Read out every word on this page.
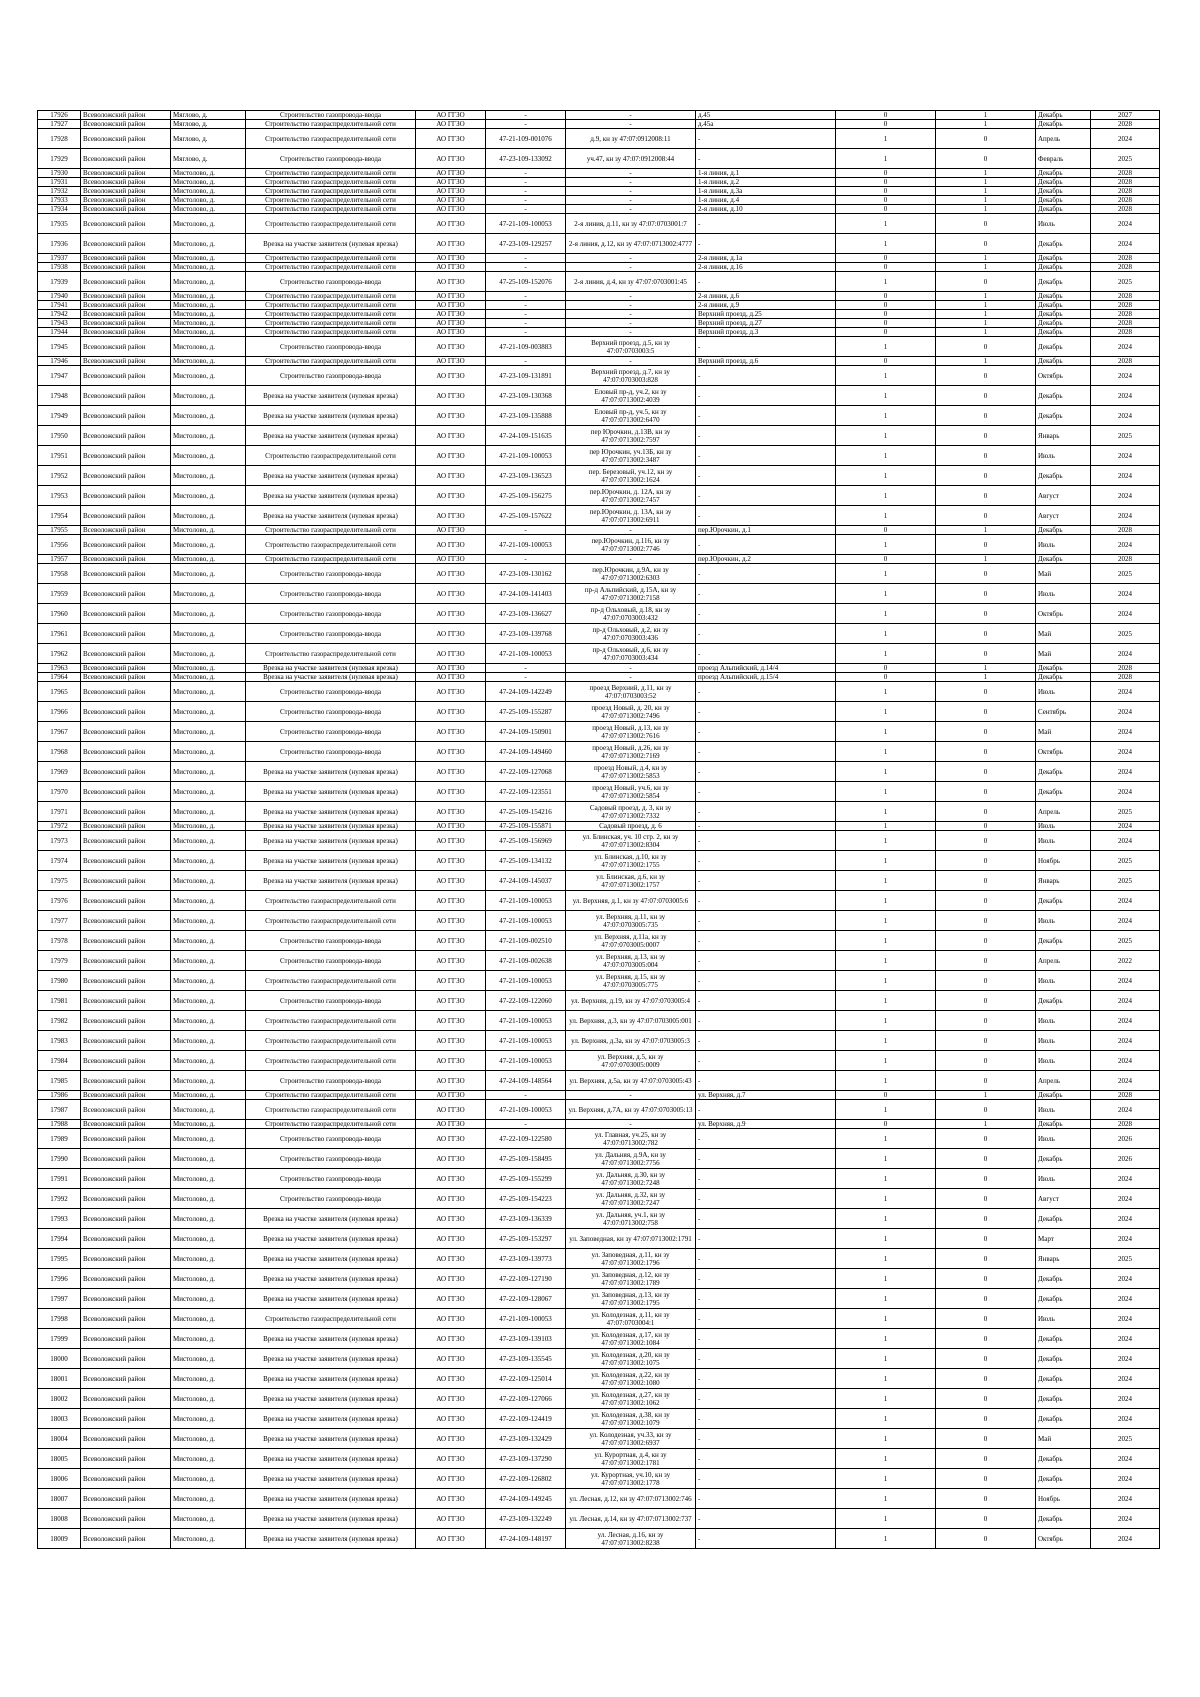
17926	Всеволожский район	Мяглово, д.	Строительство газопровода-ввода	АО ГГЗО	-	-	д.45	0	1	Декабрь	2027
17927	Всеволожский район	Мяглово, д.	Строительство газораспределительной сети	АО ГГЗО	-	-	д.45а	0	1	Декабрь	2028
17928	Всеволожский район	Мяглово, д.	Строительство газораспределительной сети	АО ГГЗО	47-21-109-001076	д.9, кн зу 47:07:0912008:11	-	1	0	Апрель	2024
17929	Всеволожский район	Мяглово, д.	Строительство газопровода-ввода	АО ГГЗО	47-23-109-133092	уч.47, кн зу 47:07:0912008:44	-	1	0	Февраль	2025
17930	Всеволожский район	Мистолово, д.	Строительство газораспределительной сети	АО ГГЗО	-	-	1-я линия, д.1	0	1	Декабрь	2028
17931	Всеволожский район	Мистолово, д.	Строительство газораспределительной сети	АО ГГЗО	-	-	1-я линия, д.2	0	1	Декабрь	2028
17932	Всеволожский район	Мистолово, д.	Строительство газораспределительной сети	АО ГГЗО	-	-	1-я линия, д.3а	0	1	Декабрь	2028
17933	Всеволожский район	Мистолово, д.	Строительство газораспределительной сети	АО ГГЗО	-	-	1-я линия, д.4	0	1	Декабрь	2028
17934	Всеволожский район	Мистолово, д.	Строительство газораспределительной сети	АО ГГЗО	-	-	2-я линия, д.10	0	1	Декабрь	2028
17935	Всеволожский район	Мистолово, д.	Строительство газораспределительной сети	АО ГГЗО	47-21-109-100053	2-я линия, д.11, кн зу 47:07:0703001:7	-	1	0	Июль	2024
17936	Всеволожский район	Мистолово, д.	Врезка на участке заявителя (нулевая врезка)	АО ГГЗО	47-23-109-129257	2-я линия, д.12, кн зу 47:07:0713002:4777	-	1	0	Декабрь	2024
17937	Всеволожский район	Мистолово, д.	Строительство газораспределительной сети	АО ГГЗО	-	-	2-я линия, д.1а	0	1	Декабрь	2028
17938	Всеволожский район	Мистолово, д.	Строительство газораспределительной сети	АО ГГЗО	-	-	2-я линия, д.16	0	1	Декабрь	2028
17939	Всеволожский район	Мистолово, д.	Строительство газопровода-ввода	АО ГГЗО	47-25-109-152076	2-я линия, д.4, кн зу 47:07:0703001:45	-	1	0	Декабрь	2025
17940	Всеволожский район	Мистолово, д.	Строительство газораспределительной сети	АО ГГЗО	-	-	2-я линия, д.6	0	1	Декабрь	2028
17941	Всеволожский район	Мистолово, д.	Строительство газораспределительной сети	АО ГГЗО	-	-	2-я линия, д.9	0	1	Декабрь	2028
17942	Всеволожский район	Мистолово, д.	Строительство газораспределительной сети	АО ГГЗО	-	-	Верхний проезд, д.25	0	1	Декабрь	2028
17943	Всеволожский район	Мистолово, д.	Строительство газораспределительной сети	АО ГГЗО	-	-	Верхний проезд, д.27	0	1	Декабрь	2028
17944	Всеволожский район	Мистолово, д.	Строительство газораспределительной сети	АО ГГЗО	-	-	Верхний проезд, д.3	0	1	Декабрь	2028
17945	Всеволожский район	Мистолово, д.	Строительство газопровода-ввода	АО ГГЗО	47-21-109-003883	Верхний проезд, д.5, кн зу 47:07:0703003:5	-	1	0	Декабрь	2024
17946	Всеволожский район	Мистолово, д.	Строительство газораспределительной сети	АО ГГЗО	-	-	Верхний проезд, д.6	0	1	Декабрь	2028
17947	Всеволожский район	Мистолово, д.	Строительство газопровода-ввода	АО ГГЗО	47-23-109-131891	Верхний проезд, д.7, кн зу 47:07:0703003:828	-	1	0	Октябрь	2024
17948	Всеволожский район	Мистолово, д.	Врезка на участке заявителя (нулевая врезка)	АО ГГЗО	47-23-109-130368	Еловый пр-д, уч.2, кн зу 47:07:0713002:4039	-	1	0	Декабрь	2024
17949	Всеволожский район	Мистолово, д.	Врезка на участке заявителя (нулевая врезка)	АО ГГЗО	47-23-109-135888	Еловый пр-д, уч.5, кн зу 47:07:0713002:6470	-	1	0	Декабрь	2024
17950	Всеволожский район	Мистолово, д.	Врезка на участке заявителя (нулевая врезка)	АО ГГЗО	47-24-109-151635	пер Юрочкин, д.13В, кн зу 47:07:0713002:7597	-	1	0	Январь	2025
17951	Всеволожский район	Мистолово, д.	Строительство газораспределительной сети	АО ГГЗО	47-21-109-100053	пер Юрочкин, уч.13Б, кн зу 47:07:0713002:3487	-	1	0	Июль	2024
17952	Всеволожский район	Мистолово, д.	Врезка на участке заявителя (нулевая врезка)	АО ГГЗО	47-23-109-136523	пер. Березовый, уч.12, кн зу 47:07:0713002:1624	-	1	0	Декабрь	2024
17953	Всеволожский район	Мистолово, д.	Врезка на участке заявителя (нулевая врезка)	АО ГГЗО	47-25-109-156275	пер.Юрочкин, д. 12А, кн зу 47:07:0713002:7457	-	1	0	Август	2024
17954	Всеволожский район	Мистолово, д.	Врезка на участке заявителя (нулевая врезка)	АО ГГЗО	47-25-109-157622	пер.Юрочкин, д. 13А, кн зу 47:07:0713002:6911	-	1	0	Август	2024
17955	Всеволожский район	Мистолово, д.	Строительство газораспределительной сети	АО ГГЗО	-	-	пер.Юрочкин, д.1	0	1	Декабрь	2028
17956	Всеволожский район	Мистолово, д.	Строительство газораспределительной сети	АО ГГЗО	47-21-109-100053	пер.Юрочкин, д.116, кн зу 47:07:0713002:7746	-	1	0	Июль	2024
17957	Всеволожский район	Мистолово, д.	Строительство газораспределительной сети	АО ГГЗО	-	-	пер.Юрочкин, д.2	0	1	Декабрь	2028
17958	Всеволожский район	Мистолово, д.	Строительство газопровода-ввода	АО ГГЗО	47-23-109-130162	пер.Юрочкин, д.9А, кн зу 47:07:0713002:6303	-	1	0	Май	2025
17959	Всеволожский район	Мистолово, д.	Строительство газопровода-ввода	АО ГГЗО	47-24-109-141403	пр-д Альпийский, д.15А, кн зу 47:07:0713002:7158	-	1	0	Июль	2024
17960	Всеволожский район	Мистолово, д.	Строительство газопровода-ввода	АО ГГЗО	47-23-109-136627	пр-д Ольховый, д.18, кн зу 47:07:0703003:432	-	1	0	Октябрь	2024
17961	Всеволожский район	Мистолово, д.	Строительство газопровода-ввода	АО ГГЗО	47-23-109-139768	пр-д Ольховый, д.2, кн зу 47:07:0703003:436	-	1	0	Май	2025
17962	Всеволожский район	Мистолово, д.	Строительство газораспределительной сети	АО ГГЗО	47-21-109-100053	пр-д Ольховый, д.6, кн зу 47:07:0703003:434	-	1	0	Май	2024
17963	Всеволожский район	Мистолово, д.	Врезка на участке заявителя (нулевая врезка)	АО ГГЗО	-	-	проезд Альпийский, д.14/4	0	1	Декабрь	2028
17964	Всеволожский район	Мистолово, д.	Врезка на участке заявителя (нулевая врезка)	АО ГГЗО	-	-	проезд Альпийский, д.15/4	0	1	Декабрь	2028
17965	Всеволожский район	Мистолово, д.	Строительство газопровода-ввода	АО ГГЗО	47-24-109-142249	проезд Верхний, д.11, кн зу 47:07:0703003:52	-	1	0	Июль	2024
17966	Всеволожский район	Мистолово, д.	Строительство газопровода-ввода	АО ГГЗО	47-25-109-155287	проезд Новый, д. 20, кн зу 47:07:0713002:7496	-	1	0	Сентябрь	2024
17967	Всеволожский район	Мистолово, д.	Строительство газопровода-ввода	АО ГГЗО	47-24-109-150901	проезд Новый, д.13, кн зу 47:07:0713002:7616	-	1	0	Май	2024
17968	Всеволожский район	Мистолово, д.	Строительство газопровода-ввода	АО ГГЗО	47-24-109-149460	проезд Новый, д.26, кн зу 47:07:0713002:7169	-	1	0	Октябрь	2024
17969	Всеволожский район	Мистолово, д.	Врезка на участке заявителя (нулевая врезка)	АО ГГЗО	47-22-109-127068	проезд Новый, д.4, кн зу 47:07:0713002:5853	-	1	0	Декабрь	2024
17970	Всеволожский район	Мистолово, д.	Врезка на участке заявителя (нулевая врезка)	АО ГГЗО	47-22-109-123551	проезд Новый, уч.6, кн зу 47:07:0713002:5854	-	1	0	Декабрь	2024
17971	Всеволожский район	Мистолово, д.	Врезка на участке заявителя (нулевая врезка)	АО ГГЗО	47-25-109-154216	Садовый проезд, д. 3, кн зу 47:07:0713002:7332	-	1	0	Апрель	2025
17972	Всеволожский район	Мистолово, д.	Врезка на участке заявителя (нулевая врезка)	АО ГГЗО	47-25-109-155871	Садовый проезд, д. 6	-	1	0	Июль	2024
17973	Всеволожский район	Мистолово, д.	Врезка на участке заявителя (нулевая врезка)	АО ГГЗО	47-25-109-156969	ул. Блинская, уч. 10 стр. 2, кн зу 47:07:0713002:8304	-	1	0	Июль	2024
17974	Всеволожский район	Мистолово, д.	Врезка на участке заявителя (нулевая врезка)	АО ГГЗО	47-25-109-134132	ул. Блинская, д.10, кн зу 47:07:0713002:1755	-	1	0	Ноябрь	2025
17975	Всеволожский район	Мистолово, д.	Врезка на участке заявителя (нулевая врезка)	АО ГГЗО	47-24-109-145037	ул. Блинская, д.6, кн зу 47:07:0713002:1757	-	1	0	Январь	2025
17976	Всеволожский район	Мистолово, д.	Строительство газораспределительной сети	АО ГГЗО	47-21-109-100053	ул. Верхняя, д.1, кн зу 47:07:0703005:6	-	1	0	Декабрь	2024
17977	Всеволожский район	Мистолово, д.	Строительство газораспределительной сети	АО ГГЗО	47-21-109-100053	ул. Верхняя, д.11, кн зу 47:07:0703005:735	-	1	0	Июль	2024
17978	Всеволожский район	Мистолово, д.	Строительство газопровода-ввода	АО ГГЗО	47-21-109-002510	ул. Верхняя, д.11а, кн зу 47:07:0703005:0007	-	1	0	Декабрь	2025
17979	Всеволожский район	Мистолово, д.	Строительство газопровода-ввода	АО ГГЗО	47-21-109-002638	ул. Верхняя, д.13, кн зу 47:07:0703005:004	-	1	0	Апрель	2022
17980	Всеволожский район	Мистолово, д.	Строительство газораспределительной сети	АО ГГЗО	47-21-109-100053	ул. Верхняя, д.15, кн зу 47:07:0703005:775	-	1	0	Июль	2024
17981	Всеволожский район	Мистолово, д.	Строительство газопровода-ввода	АО ГГЗО	47-22-109-122060	ул. Верхняя, д.19, кн зу 47:07:0703005:4	-	1	0	Декабрь	2024
17982	Всеволожский район	Мистолово, д.	Строительство газораспределительной сети	АО ГГЗО	47-21-109-100053	ул. Верхняя, д.3, кн зу 47:07:0703005:001	-	1	0	Июль	2024
17983	Всеволожский район	Мистолово, д.	Строительство газораспределительной сети	АО ГГЗО	47-21-109-100053	ул. Верхняя, д.3а, кн зу 47:07:0703005:3	-	1	0	Июль	2024
17984	Всеволожский район	Мистолово, д.	Строительство газораспределительной сети	АО ГГЗО	47-21-109-100053	ул. Верхняя, д.5, кн зу 47:07:0703005:0009	-	1	0	Июль	2024
17985	Всеволожский район	Мистолово, д.	Строительство газопровода-ввода	АО ГГЗО	47-24-109-148564	ул. Верхняя, д.5а, кн зу 47:07:0703005:43	-	1	0	Апрель	2024
17986	Всеволожский район	Мистолово, д.	Строительство газораспределительной сети	АО ГГЗО	-	-	ул. Верхняя, д.7	0	1	Декабрь	2028
17987	Всеволожский район	Мистолово, д.	Строительство газораспределительной сети	АО ГГЗО	47-21-109-100053	ул. Верхняя, д.7А, кн зу 47:07:0703005:13	-	1	0	Июль	2024
17988	Всеволожский район	Мистолово, д.	Строительство газораспределительной сети	АО ГГЗО	-	-	ул. Верхняя, д.9	0	1	Декабрь	2028
17989	Всеволожский район	Мистолово, д.	Строительство газопровода-ввода	АО ГГЗО	47-22-109-122580	ул. Главная, уч.25, кн зу 47:07:0713002:782	-	1	0	Июль	2026
17990	Всеволожский район	Мистолово, д.	Строительство газопровода-ввода	АО ГГЗО	47-25-109-158495	ул. Дальняя, д.9А, кн зу 47:07:0713002:7756	-	1	0	Декабрь	2026
17991	Всеволожский район	Мистолово, д.	Строительство газопровода-ввода	АО ГГЗО	47-25-109-155299	ул. Дальняя, д.30, кн зу 47:07:0713002:7248	-	1	0	Июль	2024
17992	Всеволожский район	Мистолово, д.	Строительство газопровода-ввода	АО ГГЗО	47-25-109-154223	ул. Дальняя, д.32, кн зу 47:07:0713002:7247	-	1	0	Август	2024
17993	Всеволожский район	Мистолово, д.	Врезка на участке заявителя (нулевая врезка)	АО ГГЗО	47-23-109-136339	ул. Дальняя, уч.1, кн зу 47:07:0713002:758	-	1	0	Декабрь	2024
17994	Всеволожский район	Мистолово, д.	Врезка на участке заявителя (нулевая врезка)	АО ГГЗО	47-25-109-153297	ул. Заповедная, кн зу 47:07:0713002:1791	-	1	0	Март	2024
17995	Всеволожский район	Мистолово, д.	Врезка на участке заявителя (нулевая врезка)	АО ГГЗО	47-23-109-139773	ул. Заповедная, д.11, кн зу 47:07:0713002:1796	-	1	0	Январь	2025
17996	Всеволожский район	Мистолово, д.	Врезка на участке заявителя (нулевая врезка)	АО ГГЗО	47-22-109-127190	ул. Заповедная, д.12, кн зу 47:07:0713002:1789	-	1	0	Декабрь	2024
17997	Всеволожский район	Мистолово, д.	Врезка на участке заявителя (нулевая врезка)	АО ГГЗО	47-22-109-128067	ул. Заповедная, д.13, кн зу 47:07:0713002:1795	-	1	0	Декабрь	2024
17998	Всеволожский район	Мистолово, д.	Строительство газораспределительной сети	АО ГГЗО	47-21-109-100053	ул. Колодезная, д.11, кн зу 47:07:0703004:1	-	1	0	Июль	2024
17999	Всеволожский район	Мистолово, д.	Врезка на участке заявителя (нулевая врезка)	АО ГГЗО	47-23-109-139103	ул. Колодезная, д.17, кн зу 47:07:0713002:1084	-	1	0	Декабрь	2024
18000	Всеволожский район	Мистолово, д.	Врезка на участке заявителя (нулевая врезка)	АО ГГЗО	47-23-109-135545	ул. Колодезная, д.20, кн зу 47:07:0713002:1075	-	1	0	Декабрь	2024
18001	Всеволожский район	Мистолово, д.	Врезка на участке заявителя (нулевая врезка)	АО ГГЗО	47-22-109-125014	ул. Колодезная, д.22, кн зу 47:07:0713002:1080	-	1	0	Декабрь	2024
18002	Всеволожский район	Мистолово, д.	Врезка на участке заявителя (нулевая врезка)	АО ГГЗО	47-22-109-127066	ул. Колодезная, д.27, кн зу 47:07:0713002:1062	-	1	0	Декабрь	2024
18003	Всеволожский район	Мистолово, д.	Врезка на участке заявителя (нулевая врезка)	АО ГГЗО	47-22-109-124419	ул. Колодезная, д.38, кн зу 47:07:0713002:1079	-	1	0	Декабрь	2024
18004	Всеволожский район	Мистолово, д.	Врезка на участке заявителя (нулевая врезка)	АО ГГЗО	47-23-109-132429	ул. Колодезная, уч.33, кн зу 47:07:0713002:6937	-	1	0	Май	2025
18005	Всеволожский район	Мистолово, д.	Врезка на участке заявителя (нулевая врезка)	АО ГГЗО	47-23-109-137290	ул. Курортная, д.4, кн зу 47:07:0713002:1781	-	1	0	Декабрь	2024
18006	Всеволожский район	Мистолово, д.	Врезка на участке заявителя (нулевая врезка)	АО ГГЗО	47-22-109-126802	ул. Курортная, уч.10, кн зу 47:07:0713002:1778	-	1	0	Декабрь	2024
18007	Всеволожский район	Мистолово, д.	Врезка на участке заявителя (нулевая врезка)	АО ГГЗО	47-24-109-149245	ул. Лесная, д.12, кн зу 47:07:0713002:746	-	1	0	Ноябрь	2024
18008	Всеволожский район	Мистолово, д.	Врезка на участке заявителя (нулевая врезка)	АО ГГЗО	47-23-109-132249	ул. Лесная, д.14, кн зу 47:07:0713002:737	-	1	0	Декабрь	2024
18009	Всеволожский район	Мистолово, д.	Врезка на участке заявителя (нулевая врезка)	АО ГГЗО	47-24-109-148197	ул. Лесная, д.16, кн зу 47:07:0713002:8238	-	1	0	Октябрь	2024
